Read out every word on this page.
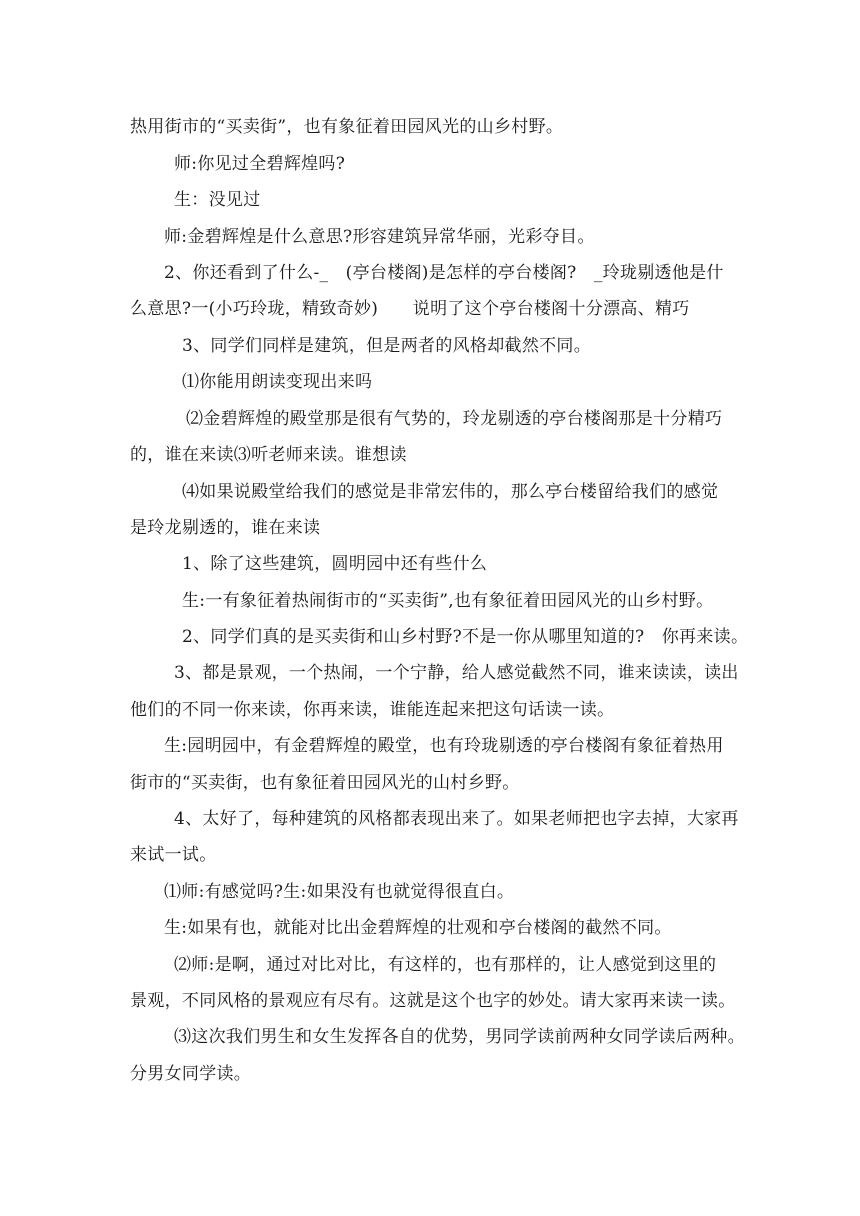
热用街市的“买卖街”，也有象征着田园风光的山乡村野。
师:你见过全碧辉煌吗?
生：没见过
师:金碧辉煌是什么意思?形容建筑异常华丽，光彩夺目。
2、你还看到了什么-_　(亭台楼阁)是怎样的亭台楼阁?　_玲珑剔透他是什
么意思?一(小巧玲珑，精致奇妙)　　说明了这个亭台楼阁十分漂高、精巧
3、同学们同样是建筑，但是两者的风格却截然不同。
⑴你能用朗读变现出来吗
⑵金碧辉煌的殿堂那是很有气势的，玲龙剔透的亭台楼阁那是十分精巧
的，谁在来读⑶听老师来读。谁想读
⑷如果说殿堂给我们的感觉是非常宏伟的，那么亭台楼留给我们的感觉
是玲龙剔透的，谁在来读
1、除了这些建筑，圆明园中还有些什么
生:一有象征着热闹街市的“买卖街”,也有象征着田园风光的山乡村野。
2、同学们真的是买卖街和山乡村野?不是一你从哪里知道的?　你再来读。
3、都是景观，一个热闹，一个宁静，给人感觉截然不同，谁来读读，读出
他们的不同一你来读，你再来读，谁能连起来把这句话读一读。
生:园明园中，有金碧辉煌的殿堂，也有玲珑剔透的亭台楼阁有象征着热用
街市的“买卖街，也有象征着田园风光的山村乡野。
4、太好了，每种建筑的风格都表现出来了。如果老师把也字去掉，大家再
来试一试。
⑴师:有感觉吗?生:如果没有也就觉得很直白。
生:如果有也，就能对比出金碧辉煌的壮观和亭台楼阁的截然不同。
⑵师:是啊，通过对比对比，有这样的，也有那样的，让人感觉到这里的
景观，不同风格的景观应有尽有。这就是这个也字的妙处。请大家再来读一读。
⑶这次我们男生和女生发挥各自的优势，男同学读前两种女同学读后两种。
分男女同学读。
